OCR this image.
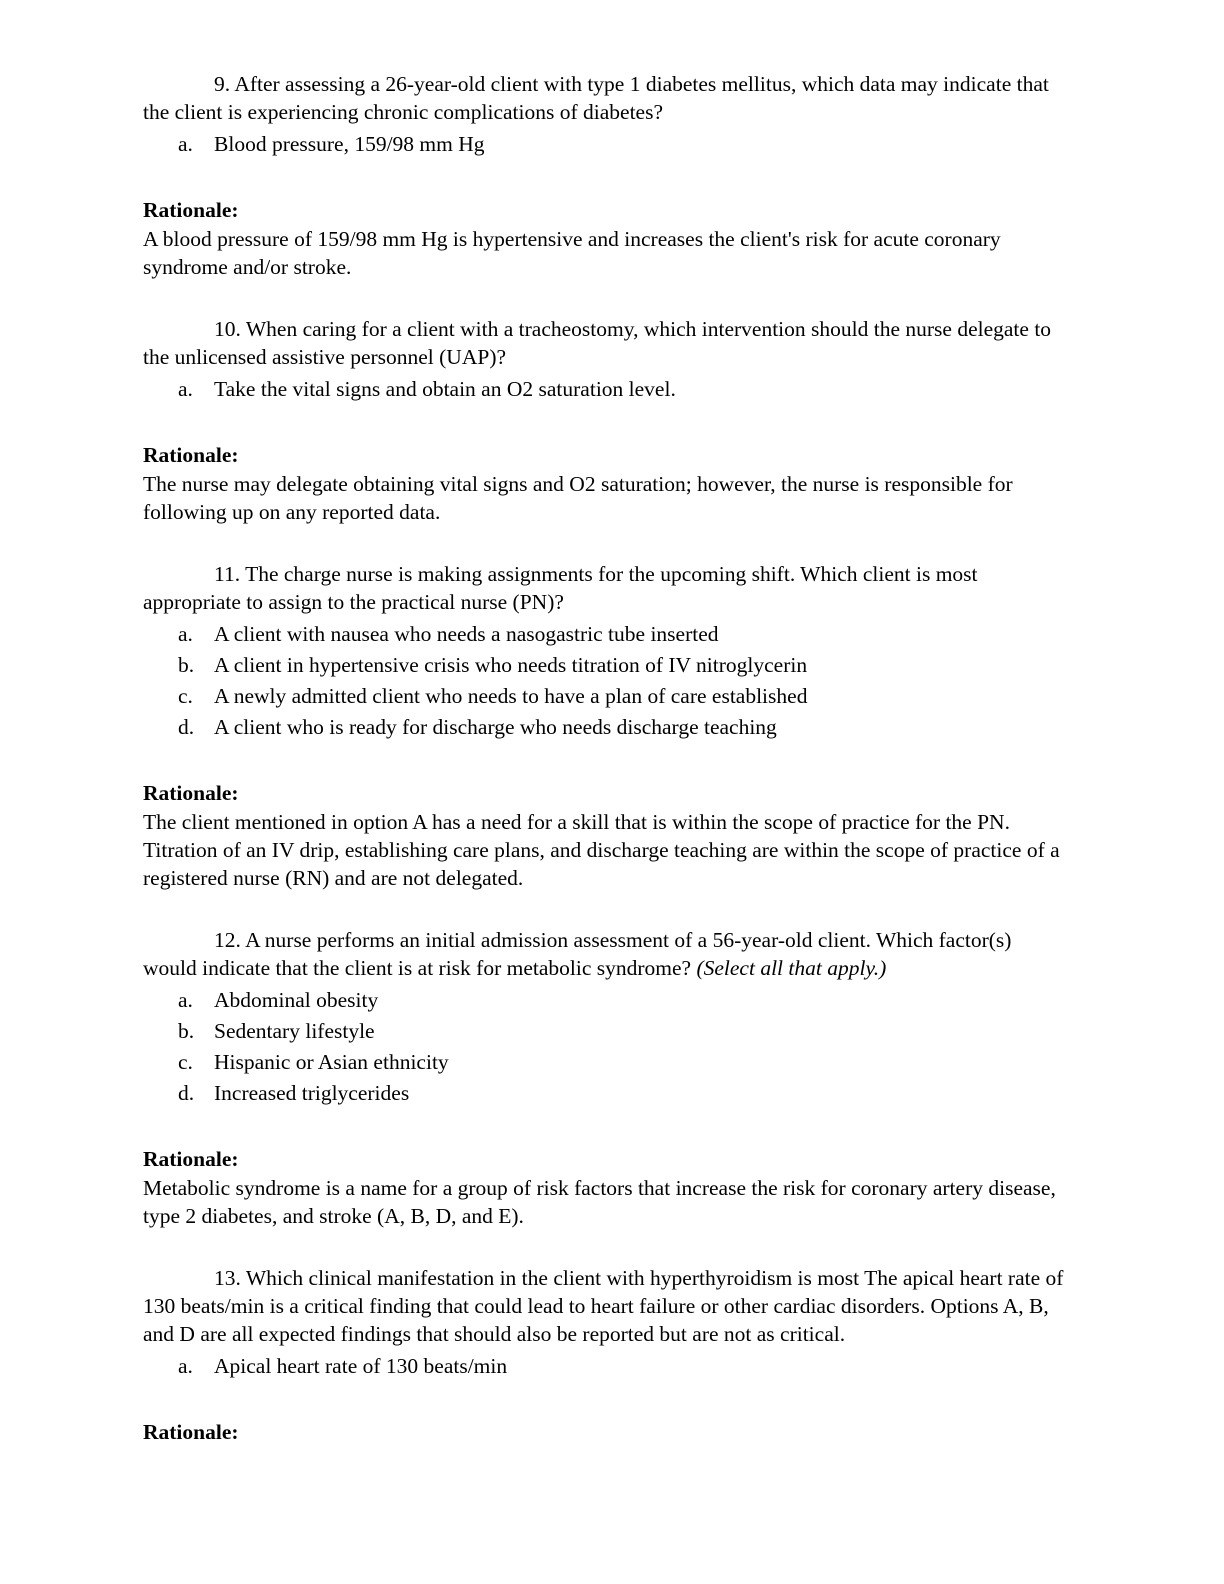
9. After assessing a 26-year-old client with type 1 diabetes mellitus, which data may indicate that the client is experiencing chronic complications of diabetes?

a. Blood pressure, 159/98 mm Hg

Rationale:

A blood pressure of 159/98 mm Hg is hypertensive and increases the client's risk for acute coronary syndrome and/or stroke.

10. When caring for a client with a tracheostomy, which intervention should the nurse delegate to the unlicensed assistive personnel (UAP)?

a. Take the vital signs and obtain an O2 saturation level.

Rationale:

The nurse may delegate obtaining vital signs and O2 saturation; however, the nurse is responsible for following up on any reported data.

11. The charge nurse is making assignments for the upcoming shift. Which client is most appropriate to assign to the practical nurse (PN)?

a. A client with nausea who needs a nasogastric tube inserted
b. A client in hypertensive crisis who needs titration of IV nitroglycerin
c. A newly admitted client who needs to have a plan of care established
d. A client who is ready for discharge who needs discharge teaching

Rationale:

The client mentioned in option A has a need for a skill that is within the scope of practice for the PN. Titration of an IV drip, establishing care plans, and discharge teaching are within the scope of practice of a registered nurse (RN) and are not delegated.

12. A nurse performs an initial admission assessment of a 56-year-old client. Which factor(s) would indicate that the client is at risk for metabolic syndrome? (Select all that apply.)

a. Abdominal obesity
b. Sedentary lifestyle
c. Hispanic or Asian ethnicity
d. Increased triglycerides

Rationale:

Metabolic syndrome is a name for a group of risk factors that increase the risk for coronary artery disease, type 2 diabetes, and stroke (A, B, D, and E).

13. Which clinical manifestation in the client with hyperthyroidism is most The apical heart rate of 130 beats/min is a critical finding that could lead to heart failure or other cardiac disorders. Options A, B, and D are all expected findings that should also be reported but are not as critical.

a. Apical heart rate of 130 beats/min

Rationale:
